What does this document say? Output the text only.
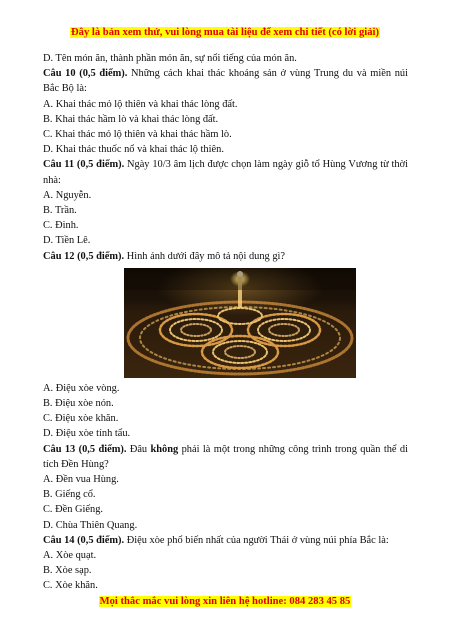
Đây là bản xem thử, vui lòng mua tài liệu để xem chi tiết (có lời giải)
D. Tên món ăn, thành phần món ăn, sự nổi tiếng của món ăn.
Câu 10 (0,5 điểm). Những cách khai thác khoáng sản ở vùng Trung du và miền núi Bắc Bộ là:
A. Khai thác mỏ lộ thiên và khai thác lòng đất.
B. Khai thác hầm lò và khai thác lòng đất.
C. Khai thác mỏ lộ thiên và khai thác hầm lò.
D. Khai thác thuốc nổ và khai thác lộ thiên.
Câu 11 (0,5 điểm). Ngày 10/3 âm lịch được chọn làm ngày giỗ tổ Hùng Vương từ thời nhà:
A. Nguyễn.
B. Trần.
C. Đinh.
D. Tiền Lê.
Câu 12 (0,5 điểm). Hình ảnh dưới đây mô tả nội dung gì?
A. Điệu xòe vòng.
B. Điệu xòe nón.
C. Điệu xòe khăn.
D. Điệu xòe tính tẩu.
Câu 13 (0,5 điểm). Đâu không phải là một trong những công trình trong quần thể di tích Đền Hùng?
A. Đền vua Hùng.
B. Giếng cổ.
C. Đền Giếng.
D. Chùa Thiên Quang.
Câu 14 (0,5 điểm). Điệu xòe phổ biến nhất của người Thái ở vùng núi phía Bắc là:
A. Xòe quạt.
B. Xòe sạp.
C. Xòe khăn.
Mọi thắc mắc vui lòng xin liên hệ hotline: 084 283 45 85
